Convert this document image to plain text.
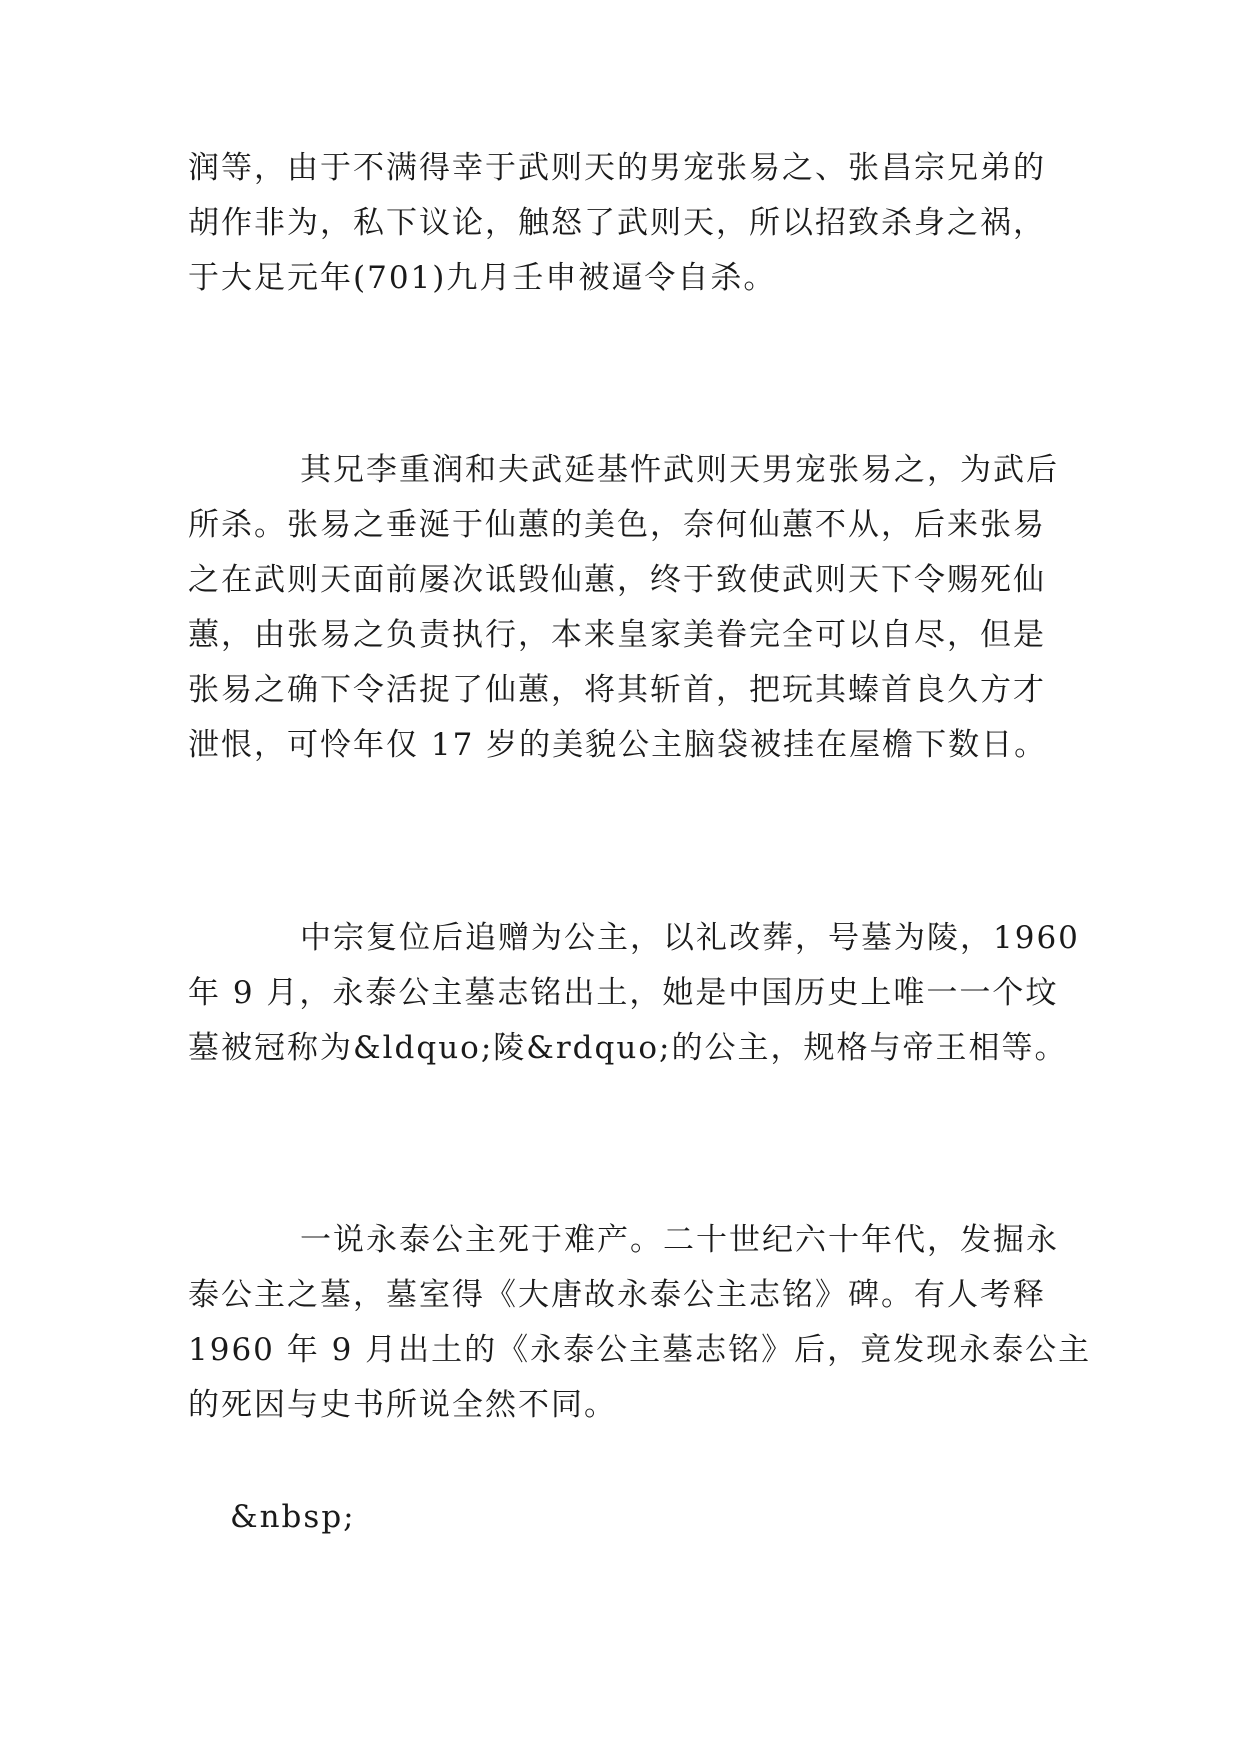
润等，由于不满得幸于武则天的男宠张易之、张昌宗兄弟的
胡作非为，私下议论，触怒了武则天，所以招致杀身之祸，
于大足元年(701)九月壬申被逼令自杀。
其兄李重润和夫武延基忤武则天男宠张易之，为武后
所杀。张易之垂涎于仙蕙的美色，奈何仙蕙不从，后来张易
之在武则天面前屡次诋毁仙蕙，终于致使武则天下令赐死仙
蕙，由张易之负责执行，本来皇家美眷完全可以自尽，但是
张易之确下令活捉了仙蕙，将其斩首，把玩其螓首良久方才
泄恨，可怜年仅 17 岁的美貌公主脑袋被挂在屋檐下数日。
中宗复位后追赠为公主，以礼改葬，号墓为陵，1960
年 9 月，永泰公主墓志铭出土，她是中国历史上唯一一个坟
墓被冠称为&ldquo;陵&rdquo;的公主，规格与帝王相等。
一说永泰公主死于难产。二十世纪六十年代，发掘永
泰公主之墓，墓室得《大唐故永泰公主志铭》碑。有人考释
1960 年 9 月出土的《永泰公主墓志铭》后，竟发现永泰公主
的死因与史书所说全然不同。
&nbsp;
